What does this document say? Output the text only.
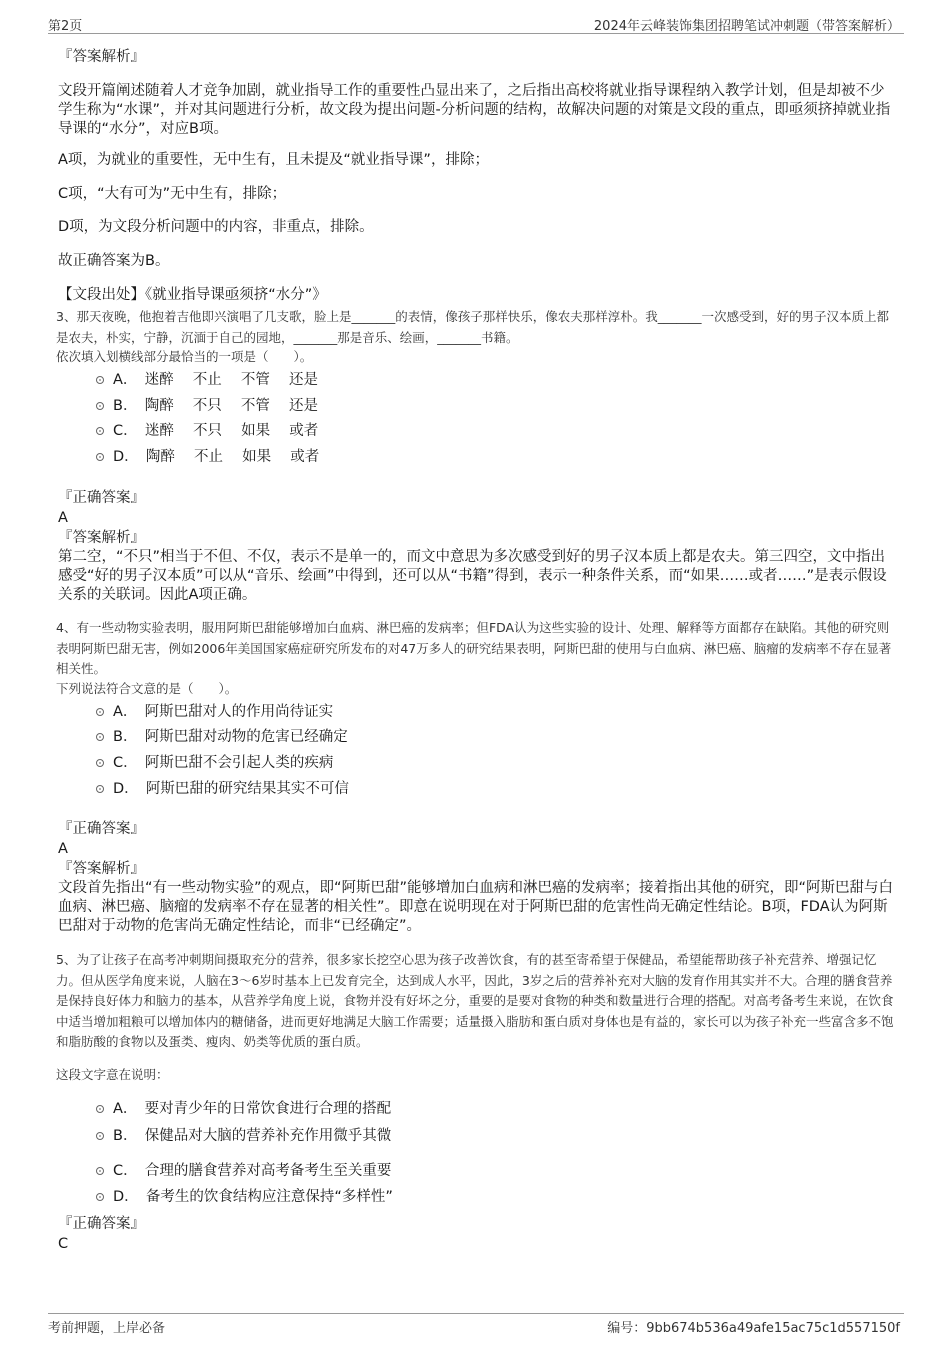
第2页	2024年云峰装饰集团招聘笔试冲刺题（带答案解析）

『答案解析』

文段开篇阐述随着人才竞争加剧，就业指导工作的重要性凸显出来了，之后指出高校将就业指导课程纳入教学计划，但是却被不少学生称为“水课”，并对其问题进行分析，故文段为提出问题-分析问题的结构，故解决问题的对策是文段的重点，即亟须挤掉就业指导课的“水分”，对应B项。

A项，为就业的重要性，无中生有，且未提及“就业指导课”，排除；

C项，“大有可为”无中生有，排除；

D项，为文段分析问题中的内容，非重点，排除。

故正确答案为B。

【文段出处】《就业指导课亟须挤“水分”》

3、那天夜晚，他抱着吉他即兴演唱了几支歌，脸上是_______的表情，像孩子那样快乐，像农夫那样淳朴。我_______一次感受到，好的男子汉本质上都是农夫，朴实，宁静，沉湎于自己的园地，_______那是音乐、绘画，_______书籍。

依次填入划横线部分最恰当的一项是（　　）。

A．　迷醉　 不止　 不管　 还是
B．　陶醉　 不只　 不管　 还是
C．　迷醉　 不只　 如果　 或者
D．　陶醉　 不止　 如果　 或者

『正确答案』

A

『答案解析』

第二空，“不只”相当于不但、不仅，表示不是单一的，而文中意思为多次感受到好的男子汉本质上都是农夫。第三四空，文中指出感受“好的男子汉本质”可以从“音乐、绘画”中得到，还可以从“书籍”得到，表示一种条件关系，而“如果……或者……”是表示假设关系的关联词。因此A项正确。

4、有一些动物实验表明，服用阿斯巴甜能够增加白血病、淋巴癌的发病率；但FDA认为这些实验的设计、处理、解释等方面都存在缺陷。其他的研究则表明阿斯巴甜无害，例如2006年美国国家癌症研究所发布的对47万多人的研究结果表明，阿斯巴甜的使用与白血病、淋巴癌、脑瘤的发病率不存在显著相关性。

下列说法符合文意的是（　　）。

A．　阿斯巴甜对人的作用尚待证实
B．　阿斯巴甜对动物的危害已经确定
C．　阿斯巴甜不会引起人类的疾病
D．　阿斯巴甜的研究结果其实不可信

『正确答案』

A

『答案解析』

文段首先指出“有一些动物实验”的观点，即“阿斯巴甜”能够增加白血病和淋巴癌的发病率；接着指出其他的研究，即“阿斯巴甜与白血病、淋巴癌、脑瘤的发病率不存在显著的相关性”。即意在说明现在对于阿斯巴甜的危害性尚无确定性结论。B项，FDA认为阿斯巴甜对于动物的危害尚无确定性结论，而非“已经确定”。

5、为了让孩子在高考冲刺期间摄取充分的营养，很多家长挖空心思为孩子改善饮食，有的甚至寄希望于保健品，希望能帮助孩子补充营养、增强记忆力。但从医学角度来说，人脑在3～6岁时基本上已发育完全，达到成人水平，因此，3岁之后的营养补充对大脑的发育作用其实并不大。合理的膳食营养是保持良好体力和脑力的基本，从营养学角度上说，食物并没有好坏之分，重要的是要对食物的种类和数量进行合理的搭配。对高考备考生来说，在饮食中适当增加粗粮可以增加体内的糖储备，进而更好地满足大脑工作需要；适量摄入脂肪和蛋白质对身体也是有益的，家长可以为孩子补充一些富含多不饱和脂肪酸的食物以及蛋类、瘦肉、奶类等优质的蛋白质。

这段文字意在说明：

A．　要对青少年的日常饮食进行合理的搭配
B．　保健品对大脑的营养补充作用微乎其微
C．　合理的膳食营养对高考备考生至关重要
D．　备考生的饮食结构应注意保持“多样性”

『正确答案』

C

考前押题，上岸必备	编号：9bb674b536a49afe15ac75c1d557150f
